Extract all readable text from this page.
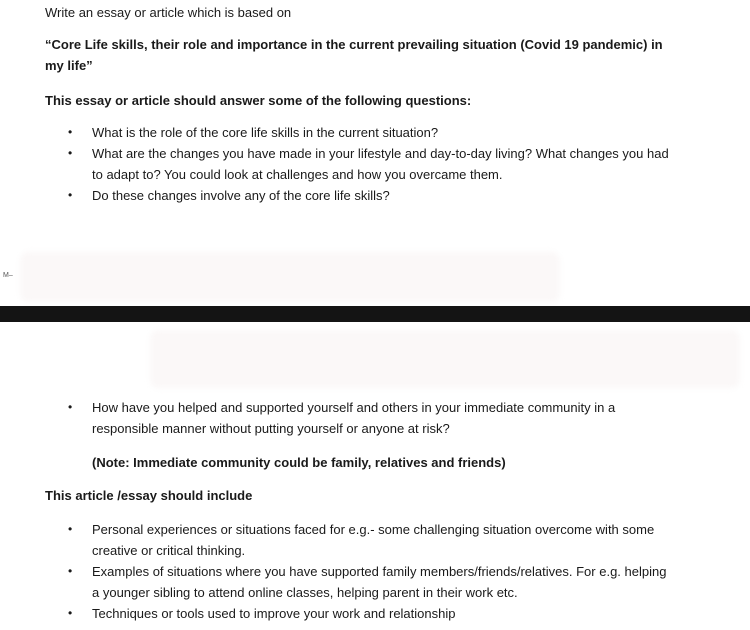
Write an essay or article which is based on
“Core Life skills, their role and importance in the current prevailing situation (Covid 19 pandemic) in my life”
This essay or article should answer some of the following questions:
• What is the role of the core life skills in the current situation?
• What are the changes you have made in your lifestyle and day-to-day living? What changes you had to adapt to? You could look at challenges and how you overcame them.
• Do these changes involve any of the core life skills?
M–
• How have you helped and supported yourself and others in your immediate community in a responsible manner without putting yourself or anyone at risk?
(Note: Immediate community could be family, relatives and friends)
This article /essay should include
• Personal experiences or situations faced for e.g.- some challenging situation overcome with some creative or critical thinking.
• Examples of situations where you have supported family members/friends/relatives. For e.g. helping a younger sibling to attend online classes, helping parent in their work etc.
• Techniques or tools used to improve your work and relationship
